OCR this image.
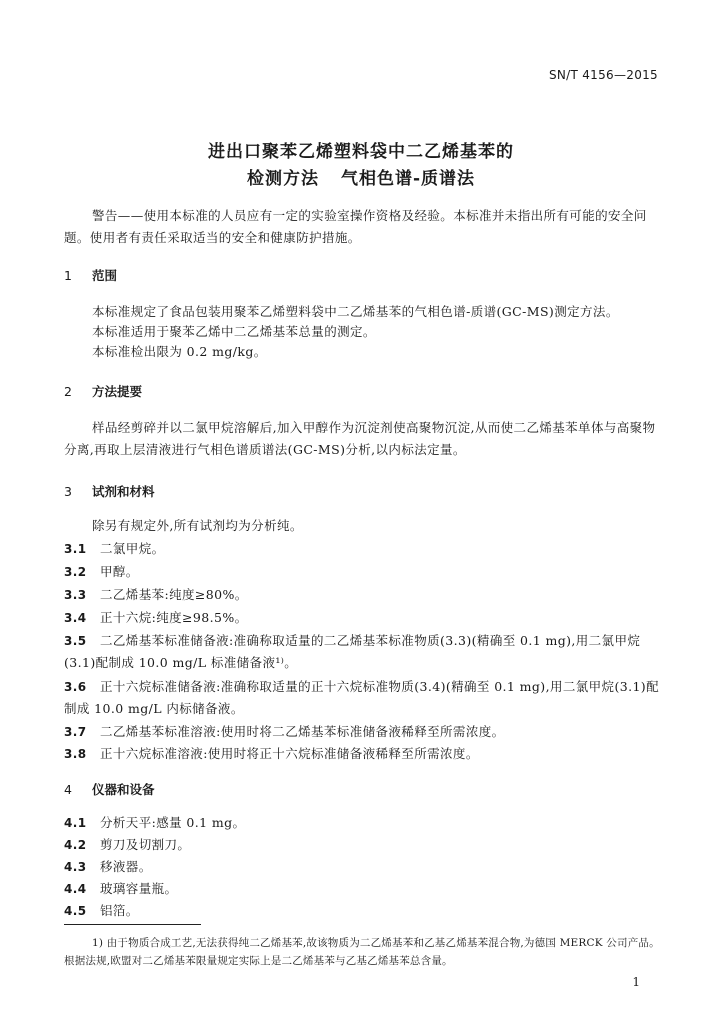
SN/T 4156—2015
进出口聚苯乙烯塑料袋中二乙烯基苯的
检测方法 气相色谱-质谱法
警告——使用本标准的人员应有一定的实验室操作资格及经验。本标准并未指出所有可能的安全问题。使用者有责任采取适当的安全和健康防护措施。
1 范围
本标准规定了食品包装用聚苯乙烯塑料袋中二乙烯基苯的气相色谱-质谱(GC-MS)测定方法。
本标准适用于聚苯乙烯中二乙烯基苯总量的测定。
本标准检出限为 0.2 mg/kg。
2 方法提要
样品经剪碎并以二氯甲烷溶解后,加入甲醇作为沉淀剂使高聚物沉淀,从而使二乙烯基苯单体与高聚物分离,再取上层清液进行气相色谱质谱法(GC-MS)分析,以内标法定量。
3 试剂和材料
除另有规定外,所有试剂均为分析纯。
3.1 二氯甲烷。
3.2 甲醇。
3.3 二乙烯基苯:纯度≥80%。
3.4 正十六烷:纯度≥98.5%。
3.5 二乙烯基苯标准储备液:准确称取适量的二乙烯基苯标准物质(3.3)(精确至 0.1 mg),用二氯甲烷(3.1)配制成 10.0 mg/L 标准储备液¹⁾。
3.6 正十六烷标准储备液:准确称取适量的正十六烷标准物质(3.4)(精确至 0.1 mg),用二氯甲烷(3.1)配制成 10.0 mg/L 内标储备液。
3.7 二乙烯基苯标准溶液:使用时将二乙烯基苯标准储备液稀释至所需浓度。
3.8 正十六烷标准溶液:使用时将正十六烷标准储备液稀释至所需浓度。
4 仪器和设备
4.1 分析天平:感量 0.1 mg。
4.2 剪刀及切割刀。
4.3 移液器。
4.4 玻璃容量瓶。
4.5 铝箔。
1) 由于物质合成工艺,无法获得纯二乙烯基苯,故该物质为二乙烯基苯和乙基乙烯基苯混合物,为德国 MERCK 公司产品。根据法规,欧盟对二乙烯基苯限量规定实际上是二乙烯基苯与乙基乙烯基苯总含量。
1
